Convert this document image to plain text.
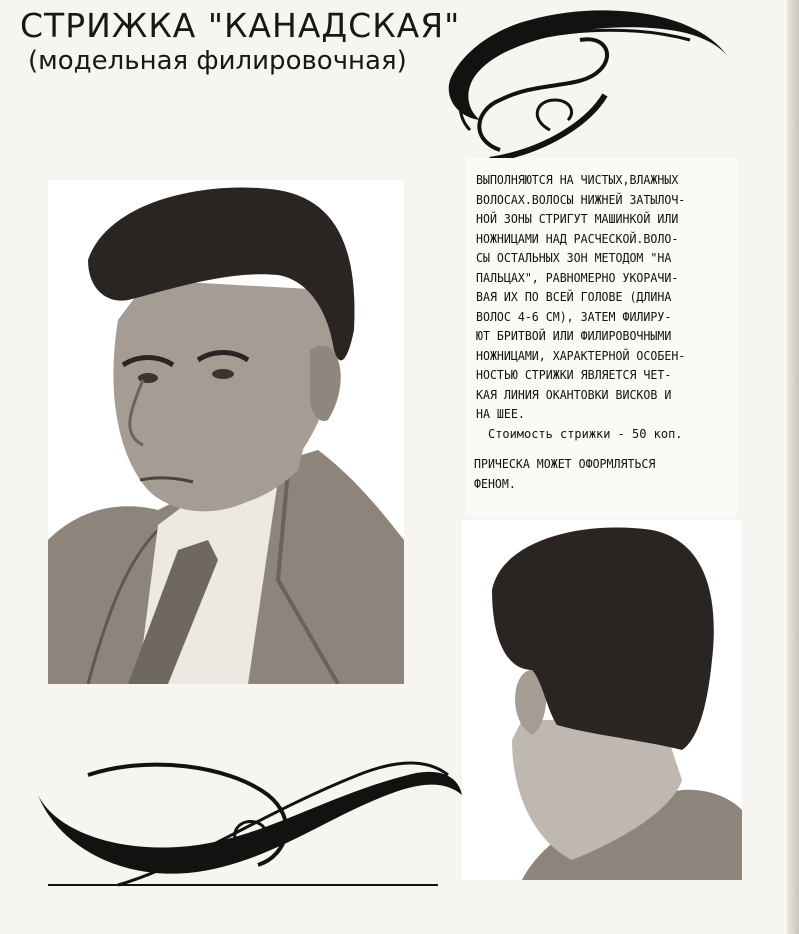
СТРИЖКА "КАНАДСКАЯ"
(модельная филировочная)
ВЫПОЛНЯЮТСЯ НА ЧИСТЫХ,ВЛАЖНЫХ
ВОЛОСАХ.ВОЛОСЫ НИЖНЕЙ ЗАТЫЛОЧ-
НОЙ ЗОНЫ СТРИГУТ МАШИНКОЙ ИЛИ
НОЖНИЦАМИ НАД РАСЧЕСКОЙ.ВОЛО-
СЫ ОСТАЛЬНЫХ ЗОН МЕТОДОМ "НА
ПАЛЬЦАХ", РАВНОМЕРНО УКОРАЧИ-
ВАЯ ИХ ПО ВСЕЙ ГОЛОВЕ (ДЛИНА
ВОЛОС 4-6 СМ), ЗАТЕМ ФИЛИРУ-
ЮТ БРИТВОЙ ИЛИ ФИЛИРОВОЧНЫМИ
НОЖНИЦАМИ, ХАРАКТЕРНОЙ ОСОБЕН-
НОСТЬЮ СТРИЖКИ ЯВЛЯЕТСЯ ЧЕТ-
КАЯ ЛИНИЯ ОКАНТОВКИ ВИСКОВ И
НА ШЕЕ.
Стоимость стрижки - 50 коп.
ПРИЧЕСКА МОЖЕТ ОФОРМЛЯТЬСЯ
ФЕНОМ.
